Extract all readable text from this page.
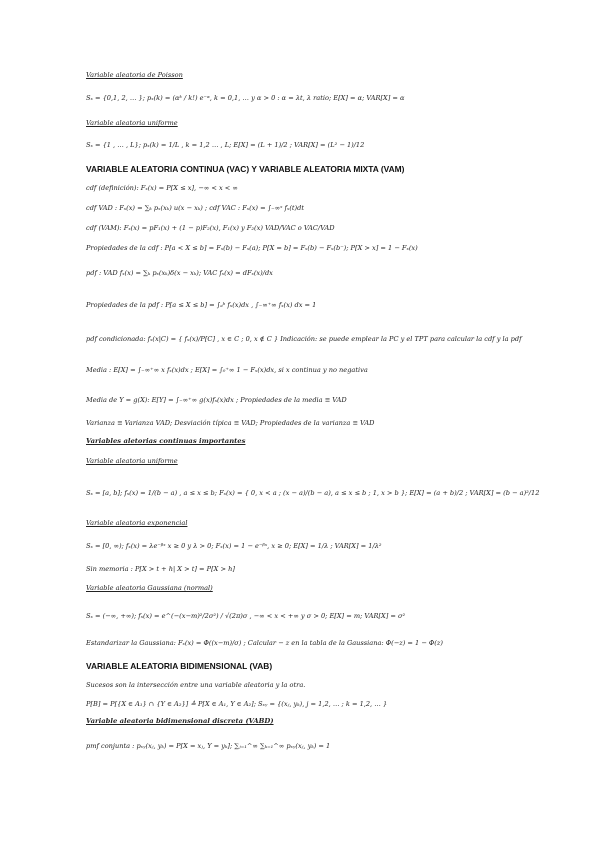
Variable aleatoria de Poisson
Sₓ = {0,1, 2, … }; pₓ(k) = (αᵏ / k!) e⁻ᵅ, k = 0,1, … y α > 0 : α = λt, λ ratio; E[X] = α; VAR[X] = α
Variable aleatoria uniforme
Sₓ = {1 , … , L}; pₓ(k) = 1/L , k = 1,2 … , L; E[X] = (L + 1)/2 ; VAR[X] = (L² − 1)/12
VARIABLE ALEATORIA CONTINUA (VAC) Y VARIABLE ALEATORIA MIXTA (VAM)
cdf (definición): Fₓ(x) = P[X ≤ x], −∞ < x < ∞
cdf VAD : Fₓ(x) = ∑ₖ pₓ(xₖ) u(x − xₖ) ; cdf VAC : Fₓ(x) = ∫₋∞ˣ fₓ(t)dt
cdf (VAM): Fₓ(x) = pF₁(x) + (1 − p)F₂(x), F₁(x) y F₂(x) VAD/VAC o VAC/VAD
Propiedades de la cdf : P[a < X ≤ b] = Fₓ(b) − Fₓ(a); P[X = b] = Fₓ(b) − Fₓ(b⁻); P[X > x] = 1 − Fₓ(x)
pdf : VAD fₓ(x) = ∑ₖ pₓ(xₖ)δ(x − xₖ); VAC fₓ(x) = dFₓ(x)/dx
Propiedades de la pdf : P[a ≤ X ≤ b] = ∫ₐᵇ fₓ(x)dx , ∫₋∞⁺∞ fₓ(x) dx = 1
pdf condicionada: fₓ(x|C) = { fₓ(x)/P[C] , x ∈ C ; 0, x ∉ C } Indicación: se puede emplear la PC y el TPT para calcular la cdf y la pdf
Media : E[X] = ∫₋∞⁺∞ x fₓ(x)dx ; E[X] = ∫₀⁺∞ 1 − Fₓ(x)dx, si x continua y no negativa
Media de Y = g(X): E[Y] = ∫₋∞⁺∞ g(x)fₓ(x)dx ; Propiedades de la media ≡ VAD
Varianza ≡ Varianza VAD; Desviación típica ≡ VAD; Propiedades de la varianza ≡ VAD
Variables aletorias continuas importantes
Variable aleatoria uniforme
Sₓ = [a, b]; fₓ(x) = 1/(b − a) , a ≤ x ≤ b; Fₓ(x) = { 0, x < a ; (x − a)/(b − a), a ≤ x ≤ b ; 1, x > b }; E[X] = (a + b)/2 ; VAR[X] = (b − a)²/12
Variable aleatoria exponencial
Sₓ = [0, ∞); fₓ(x) = λe⁻ᵝˣ x ≥ 0 y λ > 0; Fₓ(x) = 1 − e⁻ᵝˣ, x ≥ 0; E[X] = 1/λ ; VAR[X] = 1/λ²
Sin memoria : P[X > t + h| X > t] = P[X > h]
Variable aleatoria Gaussiana (normal)
Sₓ = (−∞, +∞); fₓ(x) = e^(−(x−m)²/2σ²) / √(2π)σ , −∞ < x < +∞ y σ > 0; E[X] = m; VAR[X] = σ²
Estandarizar la Gaussiana: Fₓ(x) = Φ((x−m)/σ) ; Calcular − z en la tabla de la Gaussiana: Φ(−z) = 1 − Φ(z)
VARIABLE ALEATORIA BIDIMENSIONAL (VAB)
Sucesos son la intersección entre una variable aleatoria y la otra.
P[B] = P[{X ∈ A₁} ∩ {Y ∈ A₂}] ≙ P[X ∈ A₁, Y ∈ A₂]; Sₓᵧ = {(xⱼ, yₖ), j = 1,2, … ; k = 1,2, … }
Variable aleatoria bidimensional discreta (VABD)
pmf conjunta : pₓᵧ(xⱼ, yₖ) = P[X = xⱼ, Y = yₖ]; ∑ⱼ₌₁^∞ ∑ₖ₌₁^∞ pₓᵧ(xⱼ, yₖ) = 1
